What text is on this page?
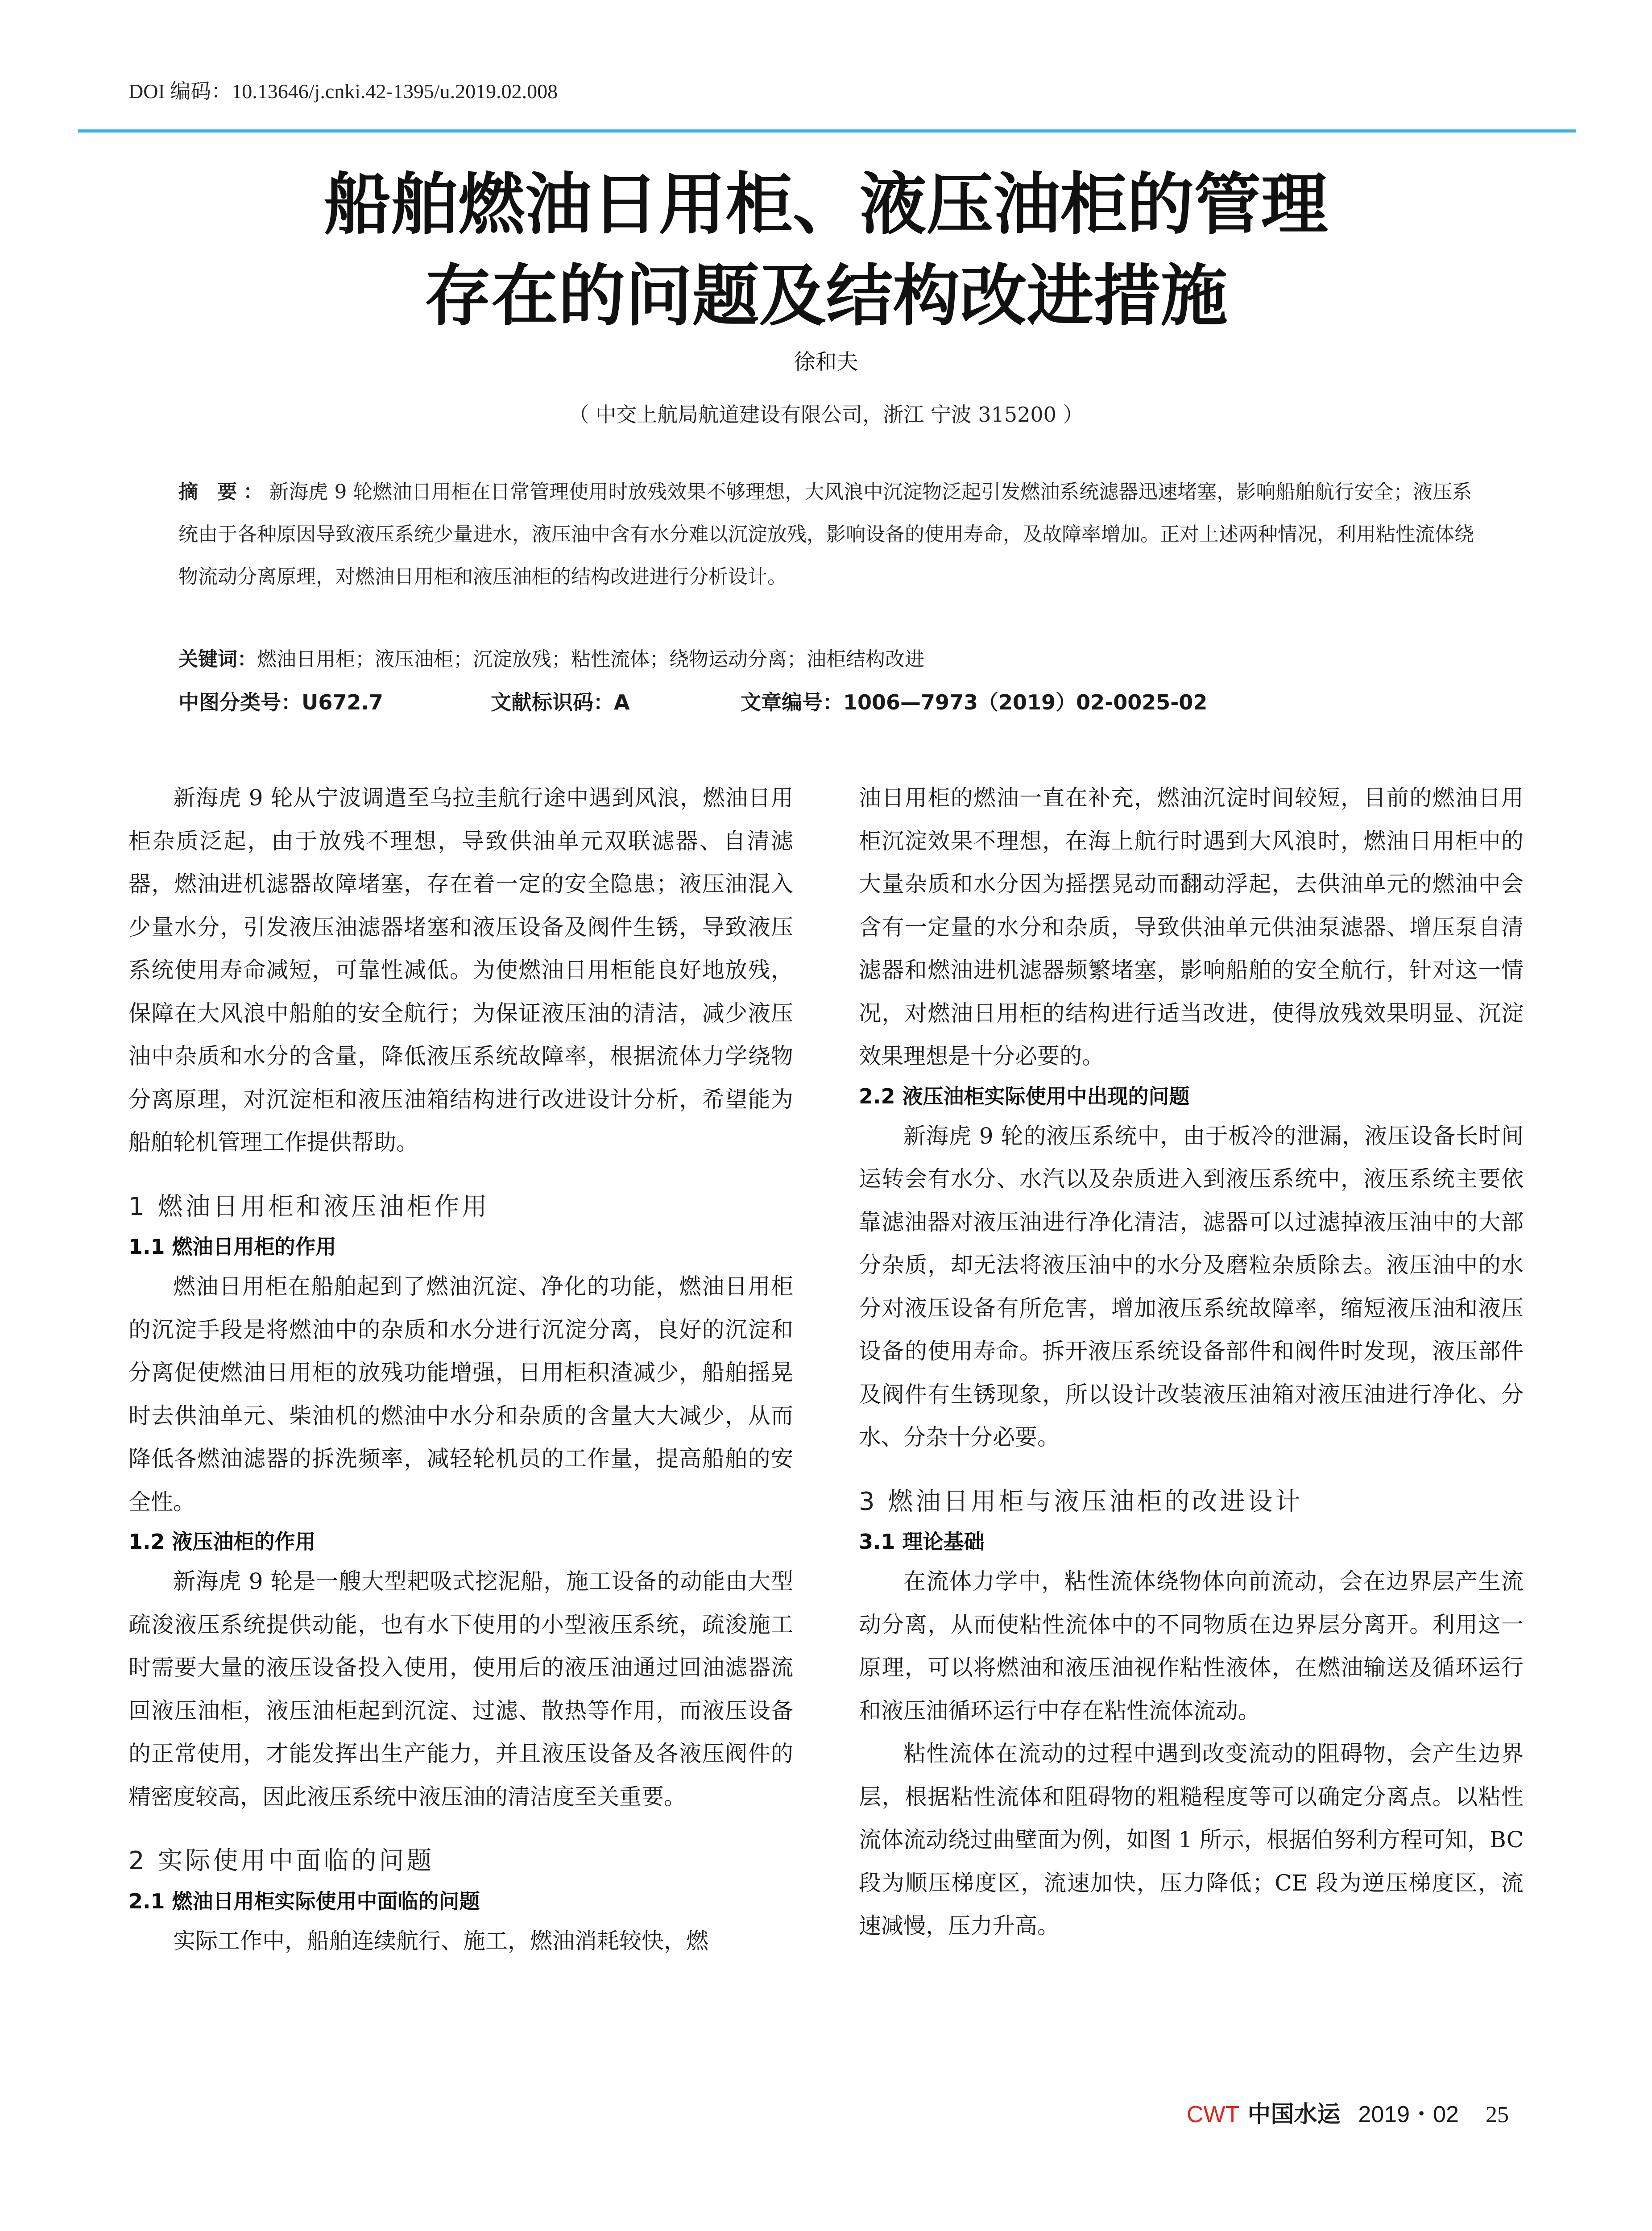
DOI 编码：10.13646/j.cnki.42-1395/u.2019.02.008
船舶燃油日用柜、液压油柜的管理
存在的问题及结构改进措施
徐和夫
（ 中交上航局航道建设有限公司，浙江 宁波 315200 ）
摘 要：新海虎 9 轮燃油日用柜在日常管理使用时放残效果不够理想，大风浪中沉淀物泛起引发燃油系统滤器迅速堵塞，影响船舶航行安全；液压系统由于各种原因导致液压系统少量进水，液压油中含有水分难以沉淀放残，影响设备的使用寿命，及故障率增加。正对上述两种情况，利用粘性流体绕物流动分离原理，对燃油日用柜和液压油柜的结构改进进行分析设计。
关键词：燃油日用柜；液压油柜；沉淀放残；粘性流体；绕物运动分离；油柜结构改进
中图分类号：U672.7	文献标识码：A	文章编号：1006—7973（2019）02-0025-02

新海虎 9 轮从宁波调遣至乌拉圭航行途中遇到风浪，燃油日用柜杂质泛起，由于放残不理想，导致供油单元双联滤器、自清滤器，燃油进机滤器故障堵塞，存在着一定的安全隐患；液压油混入少量水分，引发液压油滤器堵塞和液压设备及阀件生锈，导致液压系统使用寿命减短，可靠性减低。为使燃油日用柜能良好地放残，保障在大风浪中船舶的安全航行；为保证液压油的清洁，减少液压油中杂质和水分的含量，降低液压系统故障率，根据流体力学绕物分离原理，对沉淀柜和液压油箱结构进行改进设计分析，希望能为船舶轮机管理工作提供帮助。

1 燃油日用柜和液压油柜作用
1.1 燃油日用柜的作用

燃油日用柜在船舶起到了燃油沉淀、净化的功能，燃油日用柜的沉淀手段是将燃油中的杂质和水分进行沉淀分离，良好的沉淀和分离促使燃油日用柜的放残功能增强，日用柜积渣减少，船舶摇晃时去供油单元、柴油机的燃油中水分和杂质的含量大大减少，从而降低各燃油滤器的拆洗频率，减轻轮机员的工作量，提高船舶的安全性。

1.2 液压油柜的作用

新海虎 9 轮是一艘大型耙吸式挖泥船，施工设备的动能由大型疏浚液压系统提供动能，也有水下使用的小型液压系统，疏浚施工时需要大量的液压设备投入使用，使用后的液压油通过回油滤器流回液压油柜，液压油柜起到沉淀、过滤、散热等作用，而液压设备的正常使用，才能发挥出生产能力，并且液压设备及各液压阀件的精密度较高，因此液压系统中液压油的清洁度至关重要。

2 实际使用中面临的问题
2.1 燃油日用柜实际使用中面临的问题

实际工作中，船舶连续航行、施工，燃油消耗较快，燃

油日用柜的燃油一直在补充，燃油沉淀时间较短，目前的燃油日用柜沉淀效果不理想，在海上航行时遇到大风浪时，燃油日用柜中的大量杂质和水分因为摇摆晃动而翻动浮起，去供油单元的燃油中会含有一定量的水分和杂质，导致供油单元供油泵滤器、增压泵自清滤器和燃油进机滤器频繁堵塞，影响船舶的安全航行，针对这一情况，对燃油日用柜的结构进行适当改进，使得放残效果明显、沉淀效果理想是十分必要的。

2.2 液压油柜实际使用中出现的问题

新海虎 9 轮的液压系统中，由于板冷的泄漏，液压设备长时间运转会有水分、水汽以及杂质进入到液压系统中，液压系统主要依靠滤油器对液压油进行净化清洁，滤器可以过滤掉液压油中的大部分杂质，却无法将液压油中的水分及磨粒杂质除去。液压油中的水分对液压设备有所危害，增加液压系统故障率，缩短液压油和液压设备的使用寿命。拆开液压系统设备部件和阀件时发现，液压部件及阀件有生锈现象，所以设计改装液压油箱对液压油进行净化、分水、分杂十分必要。

3 燃油日用柜与液压油柜的改进设计
3.1 理论基础

在流体力学中，粘性流体绕物体向前流动，会在边界层产生流动分离，从而使粘性流体中的不同物质在边界层分离开。利用这一原理，可以将燃油和液压油视作粘性液体，在燃油输送及循环运行和液压油循环运行中存在粘性流体流动。

粘性流体在流动的过程中遇到改变流动的阻碍物，会产生边界层，根据粘性流体和阻碍物的粗糙程度等可以确定分离点。以粘性流体流动绕过曲壁面为例，如图 1 所示，根据伯努利方程可知，BC 段为顺压梯度区，流速加快，压力降低；CE 段为逆压梯度区，流速减慢，压力升高。

CWT 中国水运 2019・02 25
